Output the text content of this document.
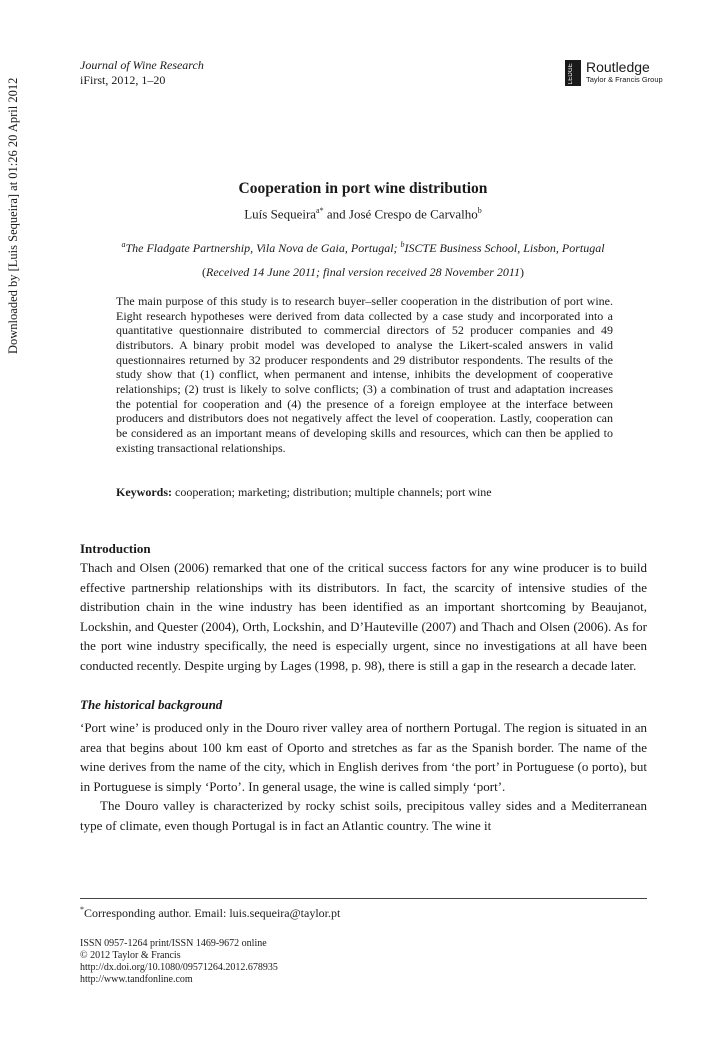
Journal of Wine Research
iFirst, 2012, 1–20	ROUTLEDGE Routledge
Taylor & Francis Group
Downloaded by [Luis Sequeira] at 01:26 20 April 2012	Cooperation in port wine distribution
Luís Sequeira$^{a*}$ and José Crespo de Carvalho$^b$
$^a$The Fladgate Partnership, Vila Nova de Gaia, Portugal; $^b$ISCTE Business School, Lisbon, Portugal
(Received 14 June 2011; final version received 28 November 2011)
The main purpose of this study is to research buyer–seller cooperation in the distribution of port wine. Eight research hypotheses were derived from data collected by a case study and incorporated into a quantitative questionnaire distributed to commercial directors of 52 producer companies and 49 distributors. A binary probit model was developed to analyse the Likert-scaled answers in valid questionnaires returned by 32 producer respondents and 29 distributor respondents. The results of the study show that (1) conflict, when permanent and intense, inhibits the development of cooperative relationships; (2) trust is likely to solve conflicts; (3) a combination of trust and adaptation increases the potential for cooperation and (4) the presence of a foreign employee at the interface between producers and distributors does not negatively affect the level of cooperation. Lastly, cooperation can be considered as an important means of developing skills and resources, which can then be applied to existing transactional relationships.
Keywords: cooperation; marketing; distribution; multiple channels; port wine
Introduction
Thach and Olsen (2006) remarked that one of the critical success factors for any wine producer is to build effective partnership relationships with its distributors. In fact, the scarcity of intensive studies of the distribution chain in the wine industry has been identified as an important shortcoming by Beaujanot, Lockshin, and Quester (2004), Orth, Lockshin, and D’Hauteville (2007) and Thach and Olsen (2006). As for the port wine industry specifically, the need is especially urgent, since no investigations at all have been conducted recently. Despite urging by Lages (1998, p. 98), there is still a gap in the research a decade later.
The historical background
‘Port wine’ is produced only in the Douro river valley area of northern Portugal. The region is situated in an area that begins about 100 km east of Oporto and stretches as far as the Spanish border. The name of the wine derives from the name of the city, which in English derives from ‘the port’ in Portuguese (o porto), but in Portuguese is simply ‘Porto’. In general usage, the wine is called simply ‘port’.
The Douro valley is characterized by rocky schist soils, precipitous valley sides and a Mediterranean type of climate, even though Portugal is in fact an Atlantic country. The wine it
*Corresponding author. Email: luis.sequeira@taylor.pt
ISSN 0957-1264 print/ISSN 1469-9672 online
© 2012 Taylor & Francis
http://dx.doi.org/10.1080/09571264.2012.678935
http://www.tandfonline.com
